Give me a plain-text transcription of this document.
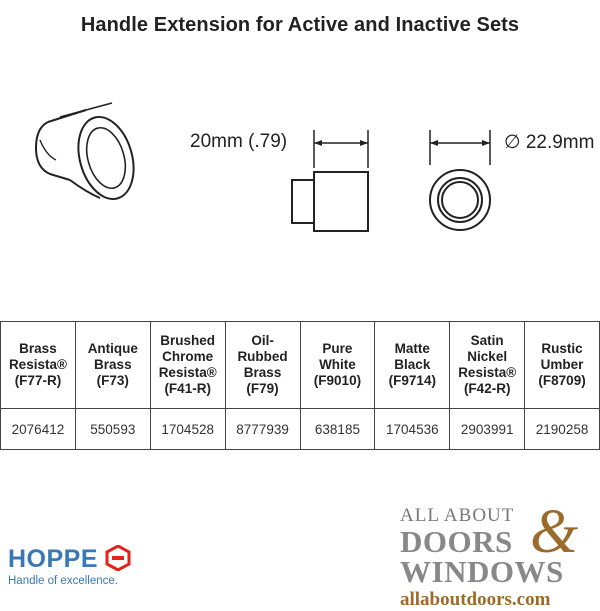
Handle Extension for Active and Inactive Sets
20mm (.79)	∅ 22.9mm
Brass
Resista®
(F77-R)	Antique
Brass
(F73)	Brushed
Chrome
Resista®
(F41-R)	Oil-
Rubbed
Brass
(F79)	Pure
White
(F9010)	Matte
Black
(F9714)	Satin
Nickel
Resista®
(F42-R)	Rustic
Umber
(F8709)
2076412	550593	1704528	8777939	638185	1704536	2903991	2190258
HOPPE
Handle of excellence.
ALL ABOUT
DOORS &
WINDOWS
allaboutdoors.com
